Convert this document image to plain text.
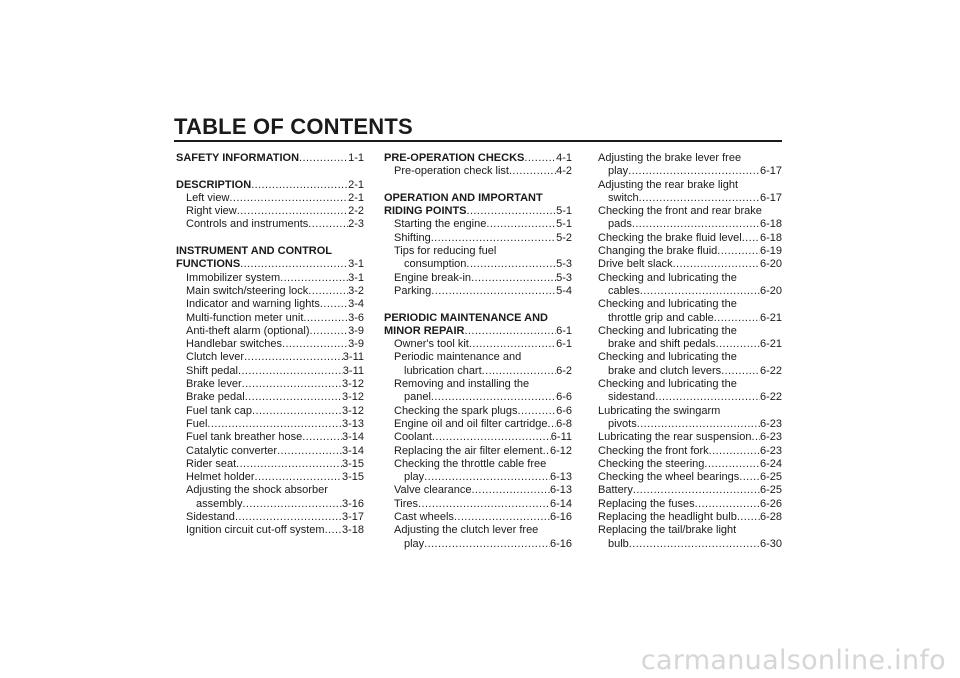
TABLE OF CONTENTS
SAFETY INFORMATION .....	1-1
DESCRIPTION .....	2-1
Left view .....	2-1
Right view .....	2-2
Controls and instruments .....	2-3
INSTRUMENT AND CONTROL
FUNCTIONS .....	3-1
Immobilizer system .....	3-1
Main switch/steering lock .....	3-2
Indicator and warning lights .....	3-4
Multi-function meter unit .....	3-6
Anti-theft alarm (optional) .....	3-9
Handlebar switches .....	3-9
Clutch lever .....	3-11
Shift pedal .....	3-11
Brake lever .....	3-12
Brake pedal .....	3-12
Fuel tank cap .....	3-12
Fuel .....	3-13
Fuel tank breather hose .....	3-14
Catalytic converter .....	3-14
Rider seat .....	3-15
Helmet holder .....	3-15
Adjusting the shock absorber
assembly .....	3-16
Sidestand .....	3-17
Ignition circuit cut-off system ..... 3-18
PRE-OPERATION CHECKS .....	4-1
Pre-operation check list .....	4-2
OPERATION AND IMPORTANT
RIDING POINTS .....	5-1
Starting the engine .....	5-1
Shifting .....	5-2
Tips for reducing fuel
consumption .....	5-3
Engine break-in .....	5-3
Parking .....	5-4
PERIODIC MAINTENANCE AND
MINOR REPAIR .....	6-1
Owner's tool kit .....	6-1
Periodic maintenance and
lubrication chart .....	6-2
Removing and installing the
panel .....	6-6
Checking the spark plugs .....	6-6
Engine oil and oil filter cartridge ..... 6-8
Coolant .....	6-11
Replacing the air filter element ..... 6-12
Checking the throttle cable free
play .....	6-13
Valve clearance .....	6-13
Tires .....	6-14
Cast wheels .....	6-16
Adjusting the clutch lever free
play .....	6-16
Adjusting the brake lever free
play .....	6-17
Adjusting the rear brake light
switch .....	6-17
Checking the front and rear brake
pads .....	6-18
Checking the brake fluid level ..... 6-18
Changing the brake fluid .....	6-19
Drive belt slack .....	6-20
Checking and lubricating the
cables .....	6-20
Checking and lubricating the
throttle grip and cable .....	6-21
Checking and lubricating the
brake and shift pedals .....	6-21
Checking and lubricating the
brake and clutch levers .....	6-22
Checking and lubricating the
sidestand .....	6-22
Lubricating the swingarm
pivots .....	6-23
Lubricating the rear suspension ..... 6-23
Checking the front fork .....	6-23
Checking the steering .....	6-24
Checking the wheel bearings ..... 6-25
Battery .....	6-25
Replacing the fuses .....	6-26
Replacing the headlight bulb ..... 6-28
Replacing the tail/brake light
bulb .....	6-30
carmanualsonline.info
